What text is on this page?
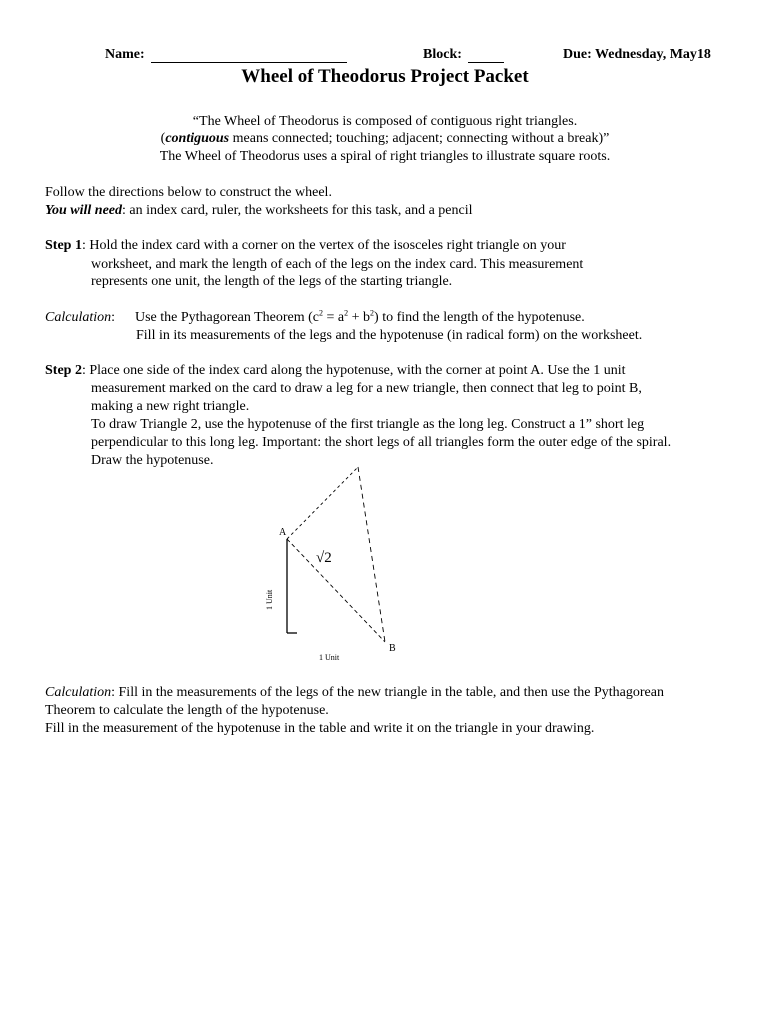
Name:	Block:	Due: Wednesday, May18
Wheel of Theodorus Project Packet
“The Wheel of Theodorus is composed of contiguous right triangles.
(contiguous means connected; touching; adjacent; connecting without a break)”
The Wheel of Theodorus uses a spiral of right triangles to illustrate square roots.
Follow the directions below to construct the wheel.
You will need: an index card, ruler, the worksheets for this task, and a pencil
Step 1: Hold the index card with a corner on the vertex of the isosceles right triangle on your
worksheet, and mark the length of each of the legs on the index card. This measurement
represents one unit, the length of the legs of the starting triangle.
Calculation: Use the Pythagorean Theorem $(c^2 = a^2 + b^2)$ to find the length of the hypotenuse.
Fill in its measurements of the legs and the hypotenuse (in radical form) on the worksheet.
Step 2: Place one side of the index card along the hypotenuse, with the corner at point A. Use the 1 unit
measurement marked on the card to draw a leg for a new triangle, then connect that leg to point B,
making a new right triangle.
To draw Triangle 2, use the hypotenuse of the first triangle as the long leg. Construct a 1” short leg
perpendicular to this long leg. Important: the short legs of all triangles form the outer edge of the spiral.
Draw the hypotenuse.
A
B
√2
1 Unit
1 Unit
Calculation: Fill in the measurements of the legs of the new triangle in the table, and then use the Pythagorean
Theorem to calculate the length of the hypotenuse.
Fill in the measurement of the hypotenuse in the table and write it on the triangle in your drawing.
